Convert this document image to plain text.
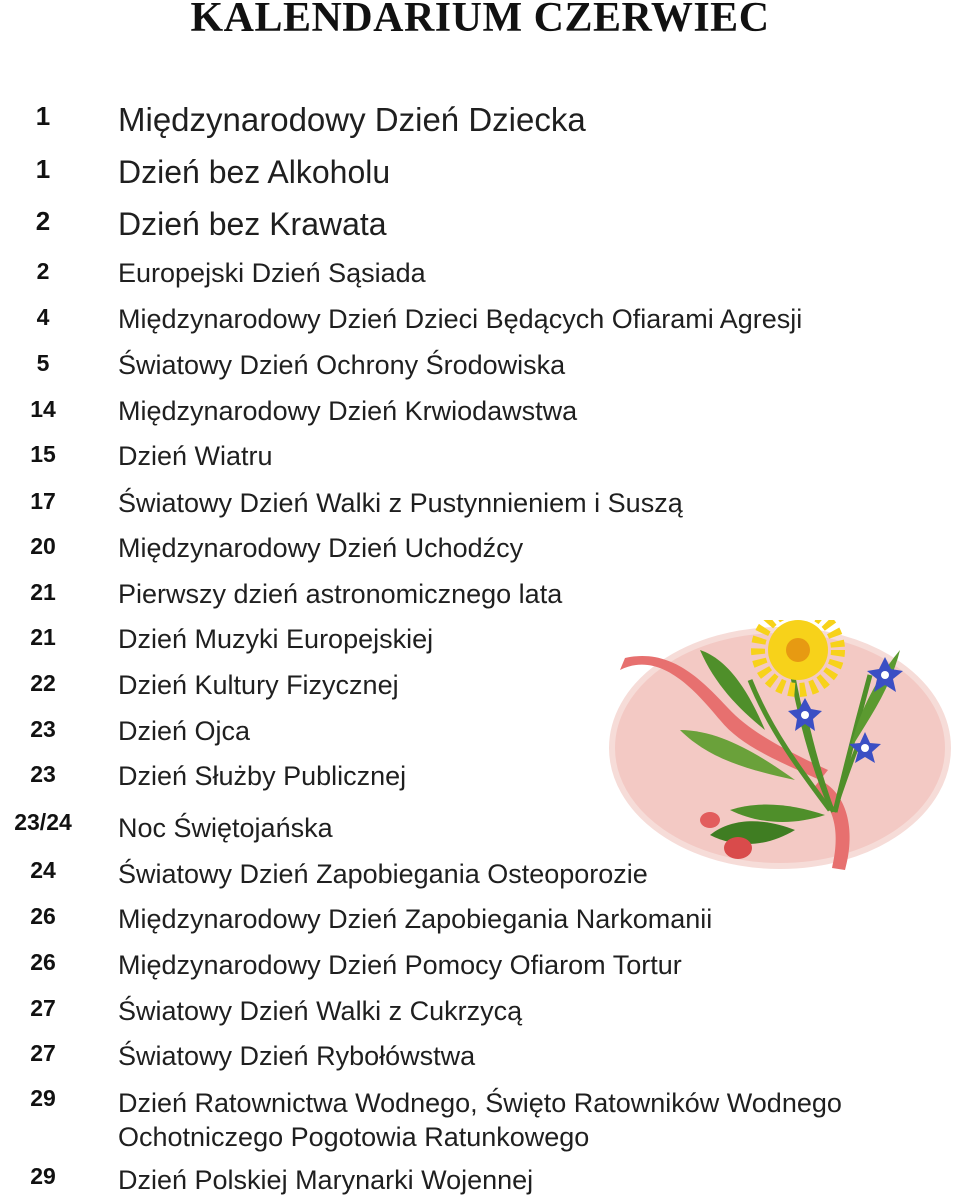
KALENDARIUM CZERWIEC
1	Międzynarodowy Dzień Dziecka
1	Dzień bez Alkoholu
2	Dzień bez Krawata
2	Europejski Dzień Sąsiada
4	Międzynarodowy Dzień Dzieci Będących Ofiarami Agresji
5	Światowy Dzień Ochrony Środowiska
14	Międzynarodowy Dzień Krwiodawstwa
15	Dzień Wiatru
17	Światowy Dzień Walki z Pustynnieniem i Suszą
20	Międzynarodowy Dzień Uchodźcy
21	Pierwszy dzień astronomicznego lata
21	Dzień Muzyki Europejskiej
22	Dzień Kultury Fizycznej
23	Dzień Ojca
23	Dzień Służby Publicznej
23/24	Noc Świętojańska
24	Światowy Dzień Zapobiegania Osteoporozie
26	Międzynarodowy Dzień Zapobiegania Narkomanii
26	Międzynarodowy Dzień Pomocy Ofiarom Tortur
27	Światowy Dzień Walki z Cukrzycą
27	Światowy Dzień Rybołówstwa
29	Dzień Ratownictwa Wodnego, Święto Ratowników Wodnego
Ochotniczego Pogotowia Ratunkowego
29	Dzień Polskiej Marynarki Wojennej
